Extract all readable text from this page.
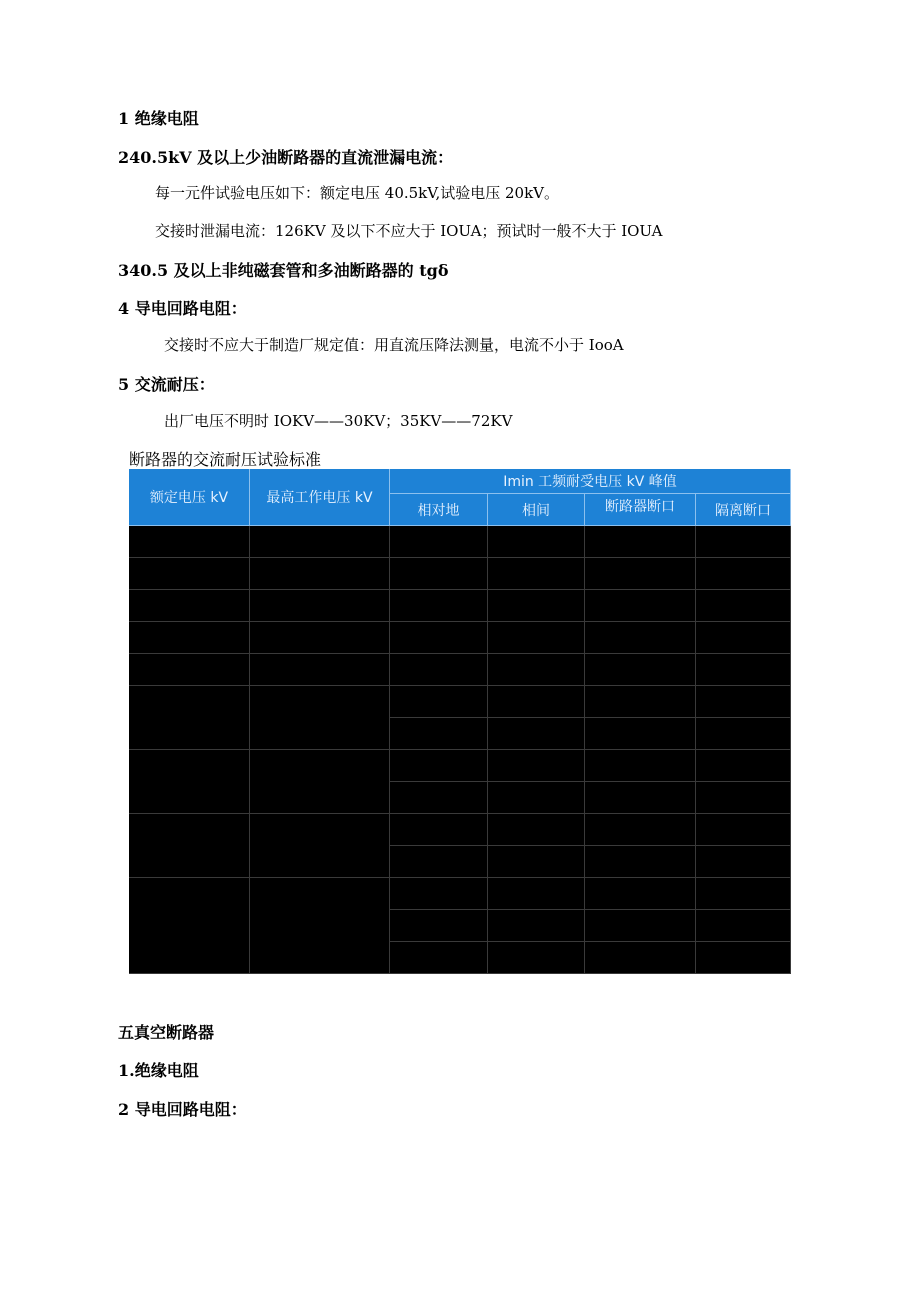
1 绝缘电阻
240.5kV 及以上少油断路器的直流泄漏电流：
每一元件试验电压如下：额定电压 40.5kV,试验电压 20kV。
交接时泄漏电流：126KV 及以下不应大于 IOUA；预试时一般不大于 IOUA
340.5 及以上非纯磁套管和多油断路器的 tgδ
4 导电回路电阻：
交接时不应大于制造厂规定值：用直流压降法测量，电流不小于 IooA
5 交流耐压：
出厂电压不明时 IOKV——30KV；35KV——72KV
断路器的交流耐压试验标准
额定电压 kV	最高工作电压 kV
Imin 工频耐受电压 kV 峰值
相对地	相间	断路器断口	隔离断口
五真空断路器
1.绝缘电阻
2 导电回路电阻：
